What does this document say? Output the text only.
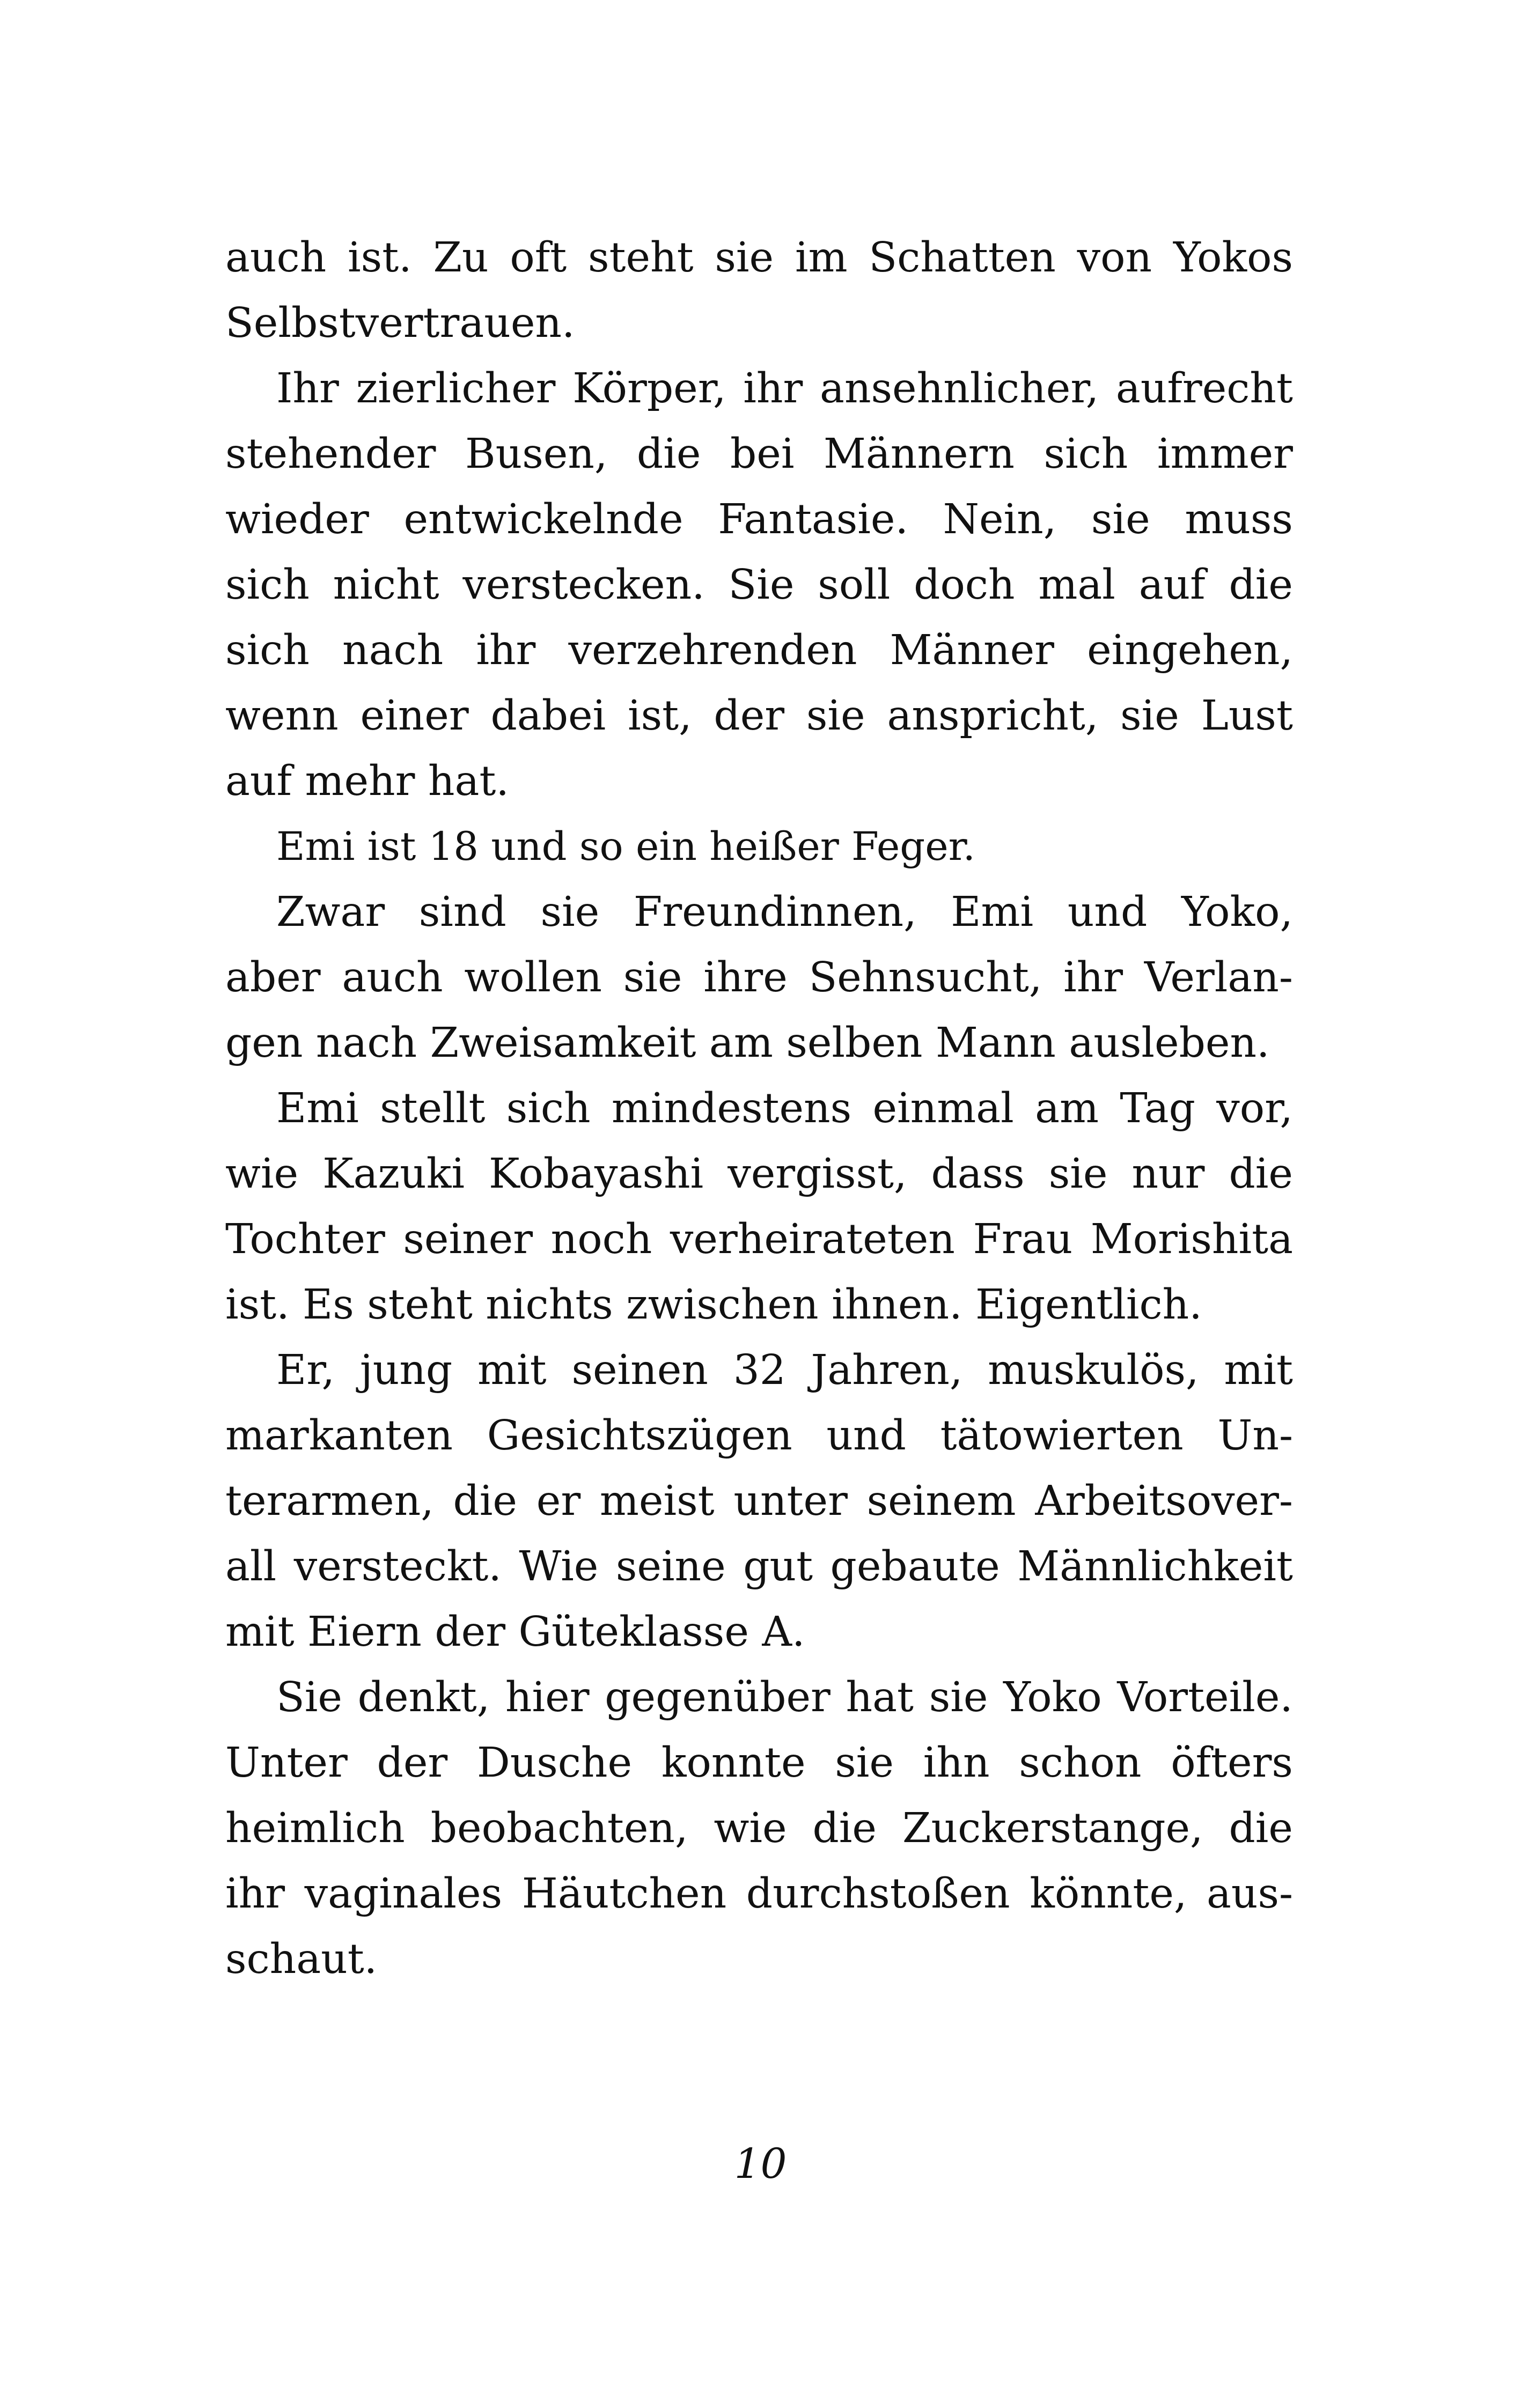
auch ist. Zu oft steht sie im Schatten von Yokos
Selbstvertrauen.
Ihr zierlicher Körper, ihr ansehnlicher, aufrecht
stehender Busen, die bei Männern sich immer
wieder entwickelnde Fantasie. Nein, sie muss
sich nicht verstecken. Sie soll doch mal auf die
sich nach ihr verzehrenden Männer eingehen,
wenn einer dabei ist, der sie anspricht, sie Lust
auf mehr hat.
Emi ist 18 und so ein heißer Feger.
Zwar sind sie Freundinnen, Emi und Yoko,
aber auch wollen sie ihre Sehnsucht, ihr Verlan-
gen nach Zweisamkeit am selben Mann ausleben.
Emi stellt sich mindestens einmal am Tag vor,
wie Kazuki Kobayashi vergisst, dass sie nur die
Tochter seiner noch verheirateten Frau Morishita
ist. Es steht nichts zwischen ihnen. Eigentlich.
Er, jung mit seinen 32 Jahren, muskulös, mit
markanten Gesichtszügen und tätowierten Un-
terarmen, die er meist unter seinem Arbeitsover-
all versteckt. Wie seine gut gebaute Männlichkeit
mit Eiern der Güteklasse A.
Sie denkt, hier gegenüber hat sie Yoko Vorteile.
Unter der Dusche konnte sie ihn schon öfters
heimlich beobachten, wie die Zuckerstange, die
ihr vaginales Häutchen durchstoßen könnte, aus-
schaut.
10
